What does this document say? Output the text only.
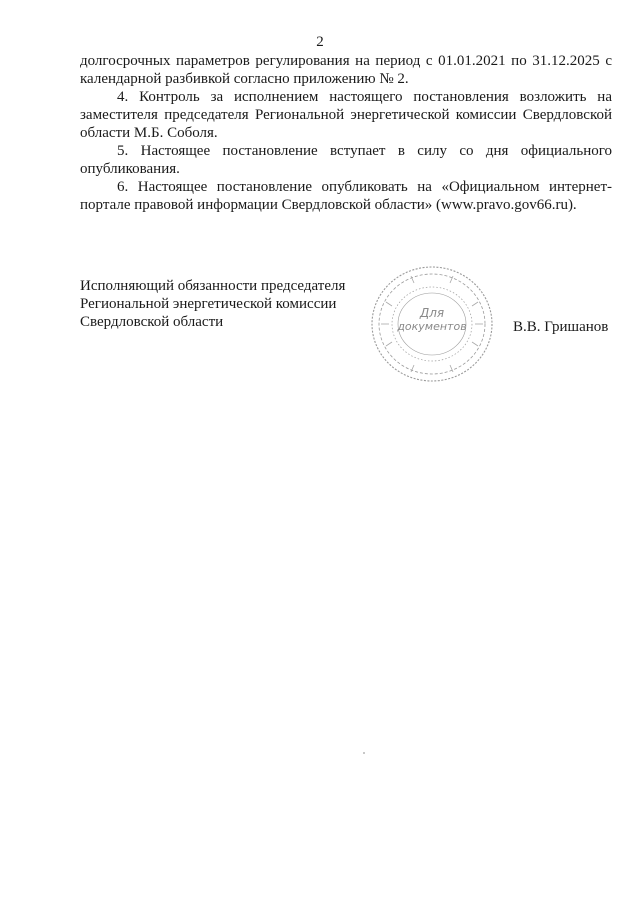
2

долгосрочных параметров регулирования на период с 01.01.2021 по 31.12.2025 с календарной разбивкой согласно приложению № 2.

4. Контроль за исполнением настоящего постановления возложить на заместителя председателя Региональной энергетической комиссии Свердловской области М.Б. Соболя.

5. Настоящее постановление вступает в силу со дня официального опубликования.

6. Настоящее постановление опубликовать на «Официальном интернет-портале правовой информации Свердловской области» (www.pravo.gov66.ru).

Исполняющий обязанности председателя
Региональной энергетической комиссии
Свердловской области
Для
документов	В.В. Гришанов
